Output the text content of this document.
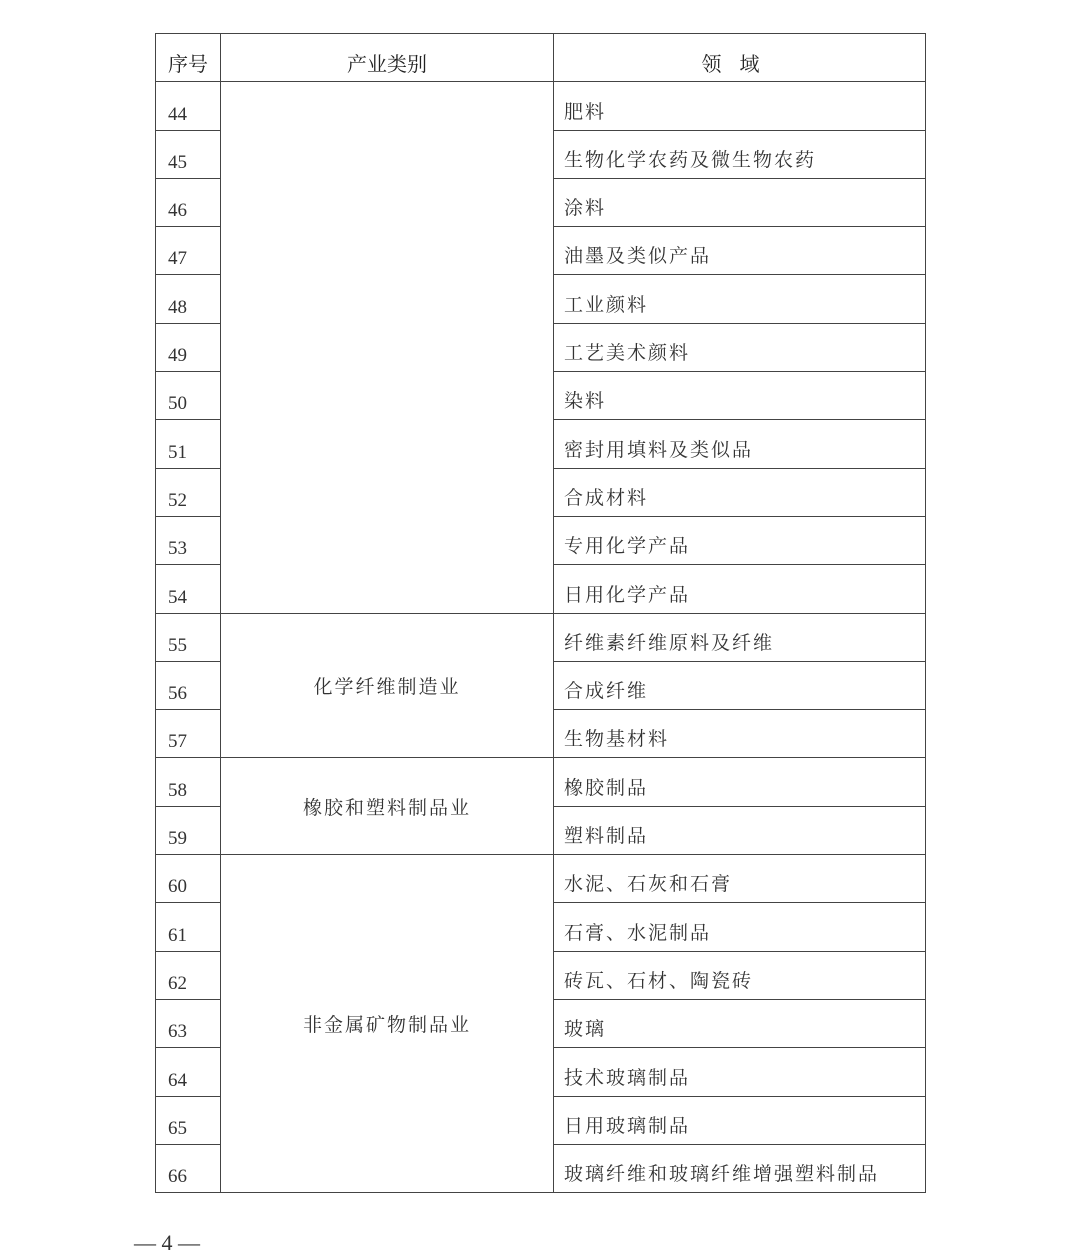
序号	产业类别	领域
44		肥料
45		生物化学农药及微生物农药
46		涂料
47		油墨及类似产品
48		工业颜料
49		工艺美术颜料
50		染料
51		密封用填料及类似品
52		合成材料
53		专用化学产品
54		日用化学产品
55	化学纤维制造业	纤维素纤维原料及纤维
56		合成纤维
57		生物基材料
58	橡胶和塑料制品业	橡胶制品
59		塑料制品
60	非金属矿物制品业	水泥、石灰和石膏
61		石膏、水泥制品
62		砖瓦、石材、陶瓷砖
63		玻璃
64		技术玻璃制品
65		日用玻璃制品
66		玻璃纤维和玻璃纤维增强塑料制品
— 4 —
